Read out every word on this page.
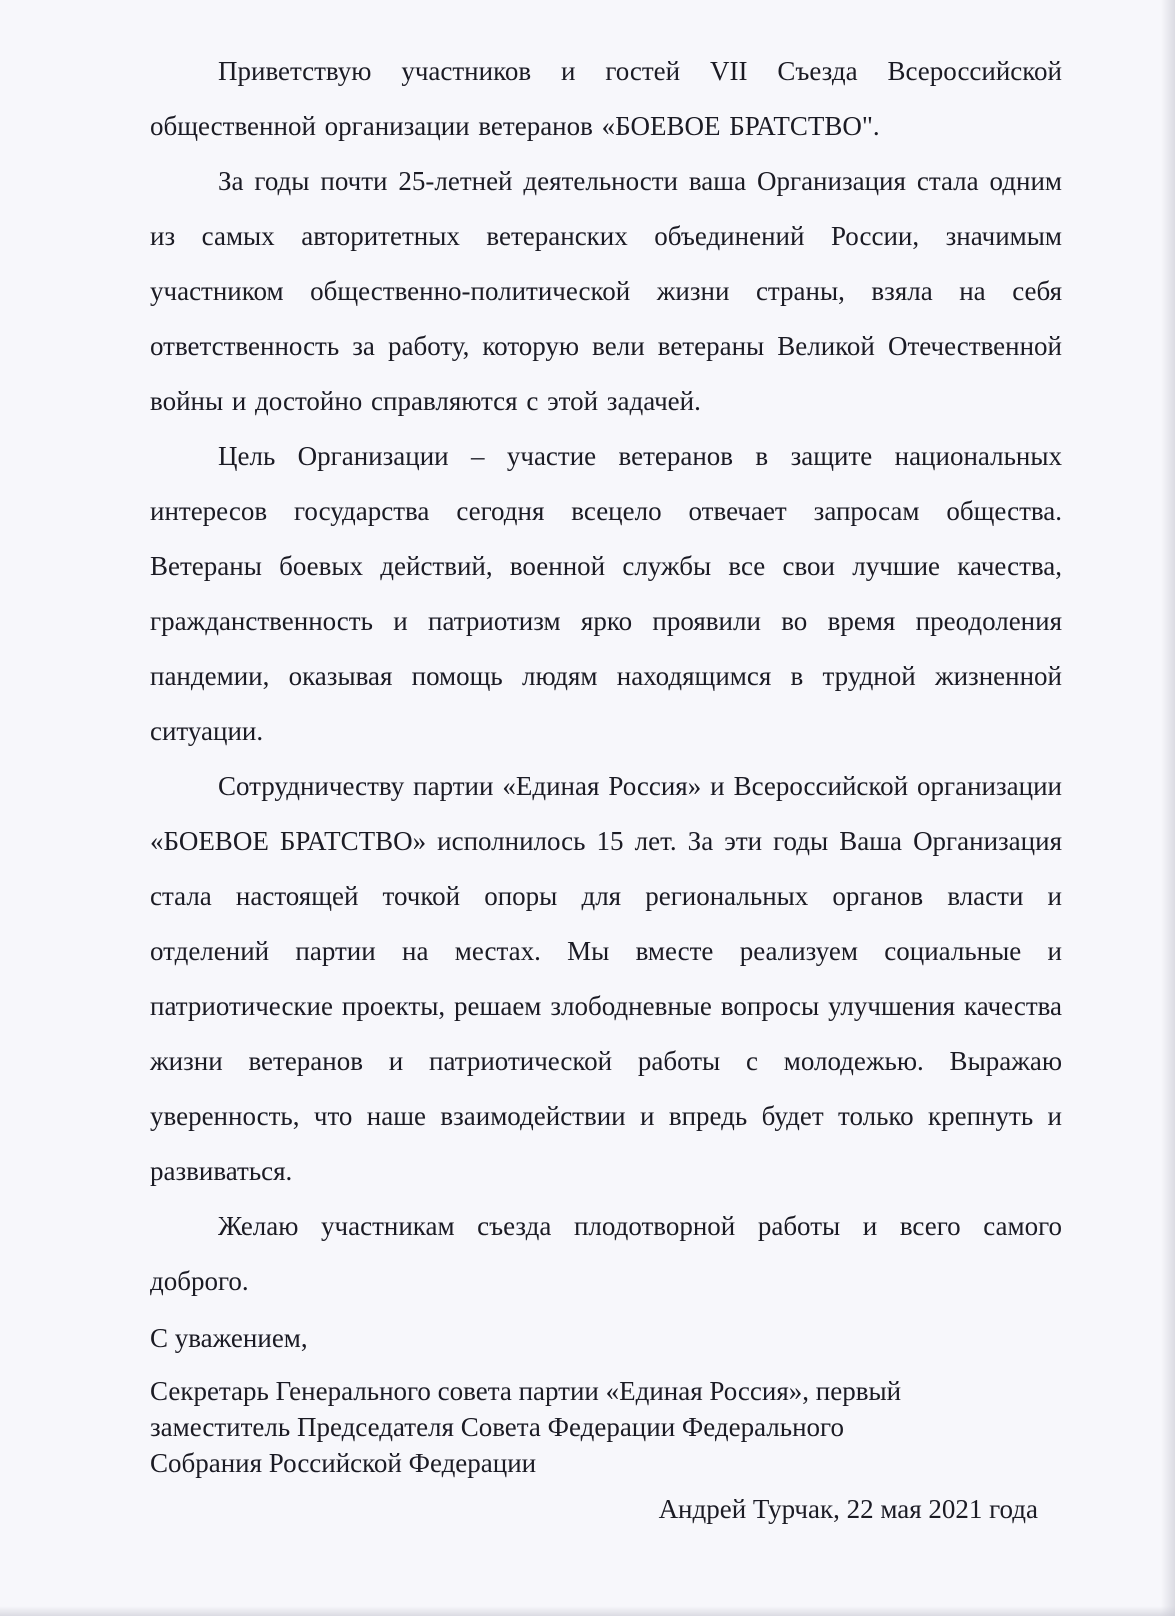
Приветствую участников и гостей VII Съезда Всероссийской общественной организации ветеранов «БОЕВОЕ БРАТСТВО".

За годы почти 25-летней деятельности ваша Организация стала одним из самых авторитетных ветеранских объединений России, значимым участником общественно-политической жизни страны, взяла на себя ответственность за работу, которую вели ветераны Великой Отечественной войны и достойно справляются с этой задачей.

Цель Организации – участие ветеранов в защите национальных интересов государства сегодня всецело отвечает запросам общества. Ветераны боевых действий, военной службы все свои лучшие качества, гражданственность и патриотизм ярко проявили во время преодоления пандемии, оказывая помощь людям находящимся в трудной жизненной ситуации.

Сотрудничеству партии «Единая Россия» и Всероссийской организации «БОЕВОЕ БРАТСТВО» исполнилось 15 лет. За эти годы Ваша Организация стала настоящей точкой опоры для региональных органов власти и отделений партии на местах. Мы вместе реализуем социальные и патриотические проекты, решаем злободневные вопросы улучшения качества жизни ветеранов и патриотической работы с молодежью. Выражаю уверенность, что наше взаимодействии и впредь будет только крепнуть и развиваться.

Желаю участникам съезда плодотворной работы и всего самого доброго.

С уважением,

Секретарь Генерального совета партии «Единая Россия», первый
заместитель Председателя Совета Федерации Федерального
Собрания Российской Федерации

Андрей Турчак, 22 мая 2021 года
